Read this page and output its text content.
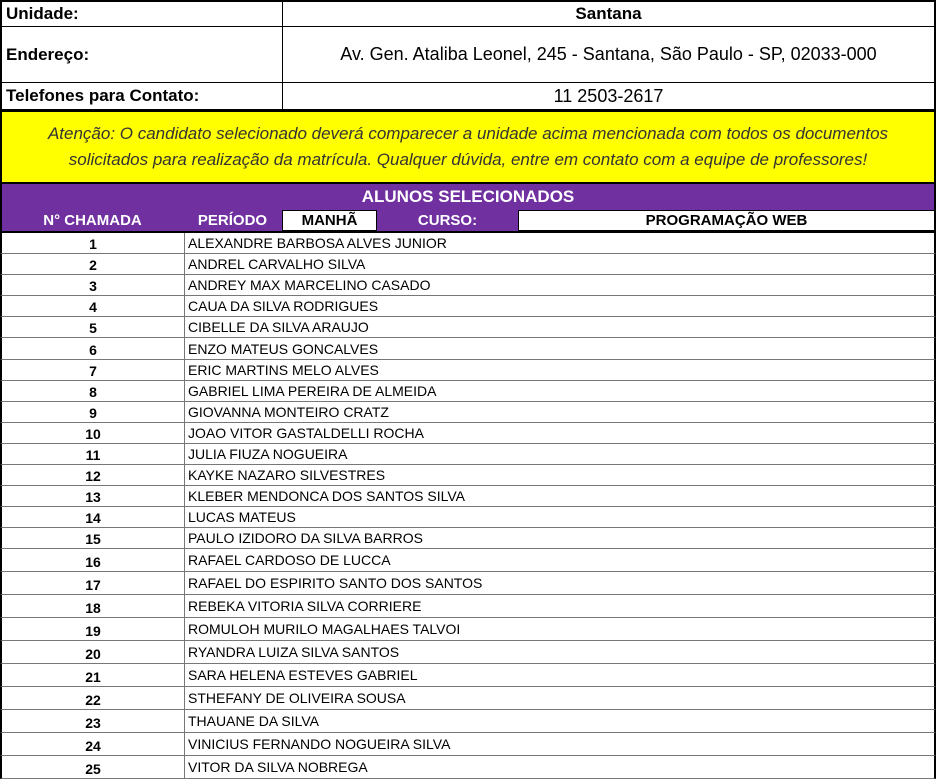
Unidade:	Santana
Endereço:	Av. Gen. Ataliba Leonel, 245 - Santana, São Paulo - SP, 02033-000
Telefones para Contato:	11 2503-2617
Atenção: O candidato selecionado deverá comparecer a unidade acima mencionada com todos os documentos solicitados para realização da matrícula. Qualquer dúvida, entre em contato com a equipe de professores!
ALUNOS SELECIONADOS
N° CHAMADA	PERÍODO	MANHÃ	CURSO:	PROGRAMAÇÃO WEB
1	ALEXANDRE BARBOSA ALVES JUNIOR
2	ANDREL CARVALHO SILVA
3	ANDREY MAX MARCELINO CASADO
4	CAUA DA SILVA RODRIGUES
5	CIBELLE DA SILVA ARAUJO
6	ENZO MATEUS GONCALVES
7	ERIC MARTINS MELO ALVES
8	GABRIEL LIMA PEREIRA DE ALMEIDA
9	GIOVANNA MONTEIRO CRATZ
10	JOAO VITOR GASTALDELLI ROCHA
11	JULIA FIUZA NOGUEIRA
12	KAYKE NAZARO SILVESTRES
13	KLEBER MENDONCA DOS SANTOS SILVA
14	LUCAS MATEUS
15	PAULO IZIDORO DA SILVA BARROS
16	RAFAEL CARDOSO DE LUCCA
17	RAFAEL DO ESPIRITO SANTO DOS SANTOS
18	REBEKA VITORIA SILVA CORRIERE
19	ROMULOH MURILO MAGALHAES TALVOI
20	RYANDRA LUIZA SILVA SANTOS
21	SARA HELENA ESTEVES GABRIEL
22	STHEFANY DE OLIVEIRA SOUSA
23	THAUANE DA SILVA
24	VINICIUS FERNANDO NOGUEIRA SILVA
25	VITOR DA SILVA NOBREGA
